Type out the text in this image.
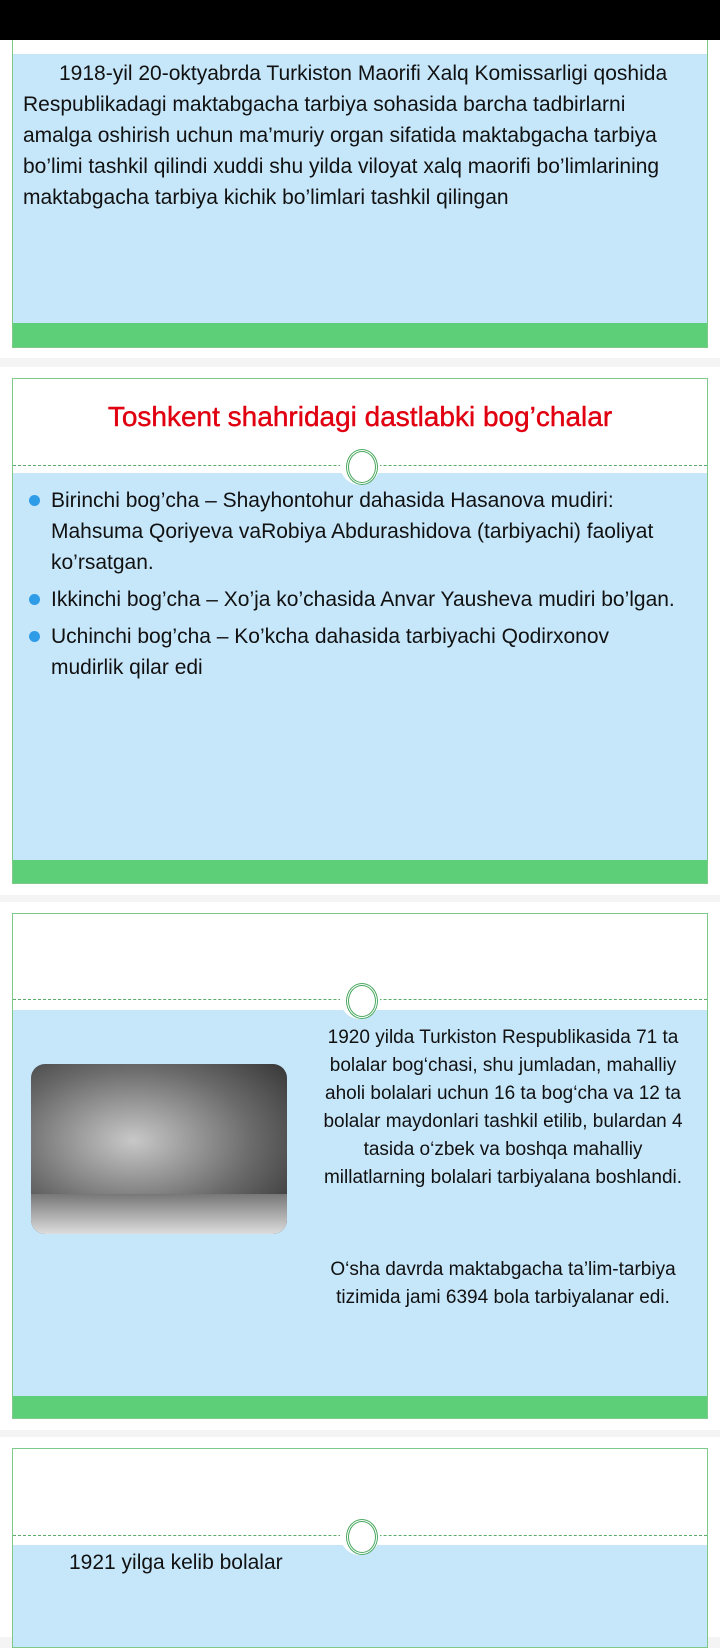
1918-yil 20-oktyabrda Turkiston Maorifi Xalq Komissarligi qoshida Respublikadagi maktabgacha tarbiya sohasida barcha tadbirlarni amalga oshirish uchun ma’muriy organ sifatida maktabgacha tarbiya bo’limi tashkil qilindi xuddi shu yilda viloyat xalq maorifi bo’limlarining maktabgacha tarbiya kichik bo’limlari tashkil qilingan
Toshkent shahridagi dastlabki bog’chalar
Birinchi bog’cha – Shayhontohur dahasida Hasanova mudiri: Mahsuma Qoriyeva vaRobiya Abdurashidova (tarbiyachi) faoliyat ko’rsatgan.
Ikkinchi bog’cha – Xo’ja ko’chasida Anvar Yausheva mudiri bo’lgan.
Uchinchi bog’cha – Ko’kcha dahasida tarbiyachi Qodirxonov mudirlik qilar edi
1920 yilda Turkiston Respublikasida 71 ta bolalar bog‘chasi, shu jumladan, mahalliy aholi bolalari uchun 16 ta bog‘cha va 12 ta bolalar maydonlari tashkil etilib, bulardan 4 tasida o‘zbek va boshqa mahalliy millatlarning bolalari tarbiyalana boshlandi.
O‘sha davrda maktabgacha ta’lim-tarbiya tizimida jami 6394 bola tarbiyalanar edi.
1921 yilga kelib bolalar
